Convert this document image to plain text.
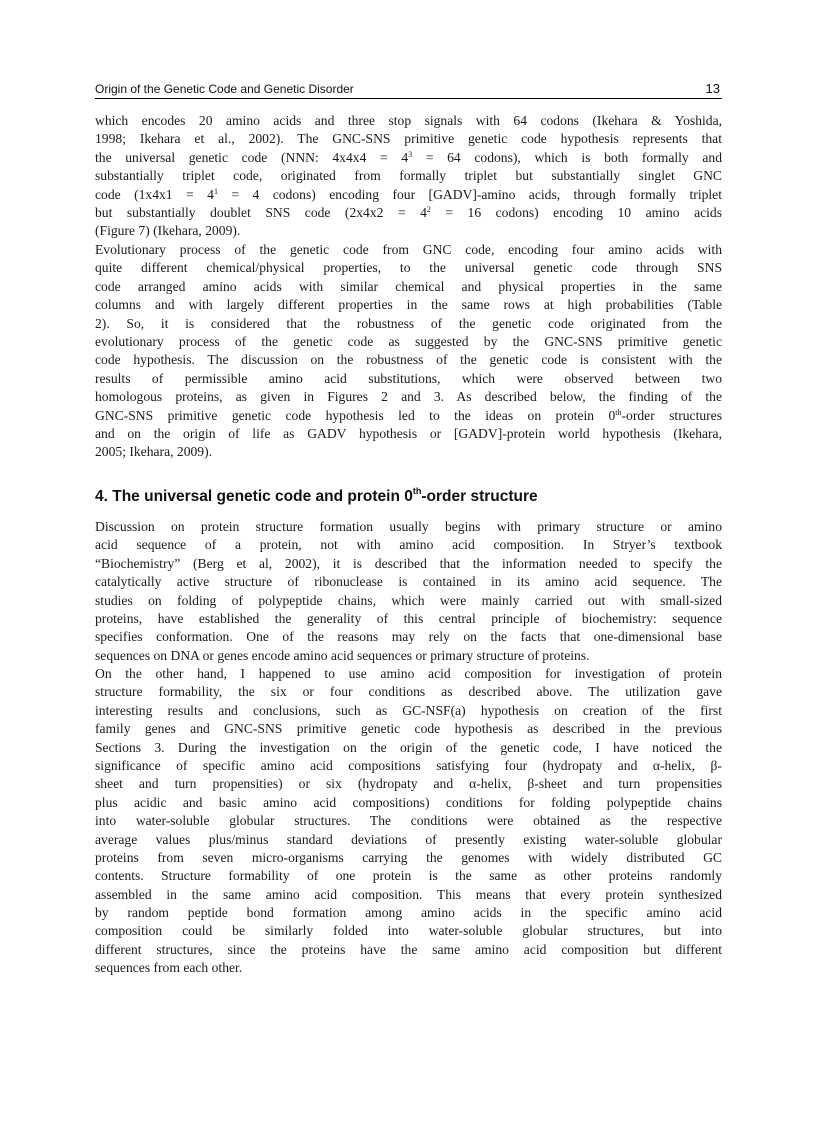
Origin of the Genetic Code and Genetic Disorder	13
which encodes 20 amino acids and three stop signals with 64 codons (Ikehara & Yoshida,
1998; Ikehara et al., 2002). The GNC-SNS primitive genetic code hypothesis represents that
the universal genetic code (NNN: $4x4x4 = 4^3 = 64$ codons), which is both formally and
substantially triplet code, originated from formally triplet but substantially singlet GNC
code ($1x4x1 = 4^1 = 4$ codons) encoding four [GADV]-amino acids, through formally triplet
but substantially doublet SNS code ($2x4x2 = 4^2 = 16$ codons) encoding 10 amino acids
(Figure 7) (Ikehara, 2009).
Evolutionary process of the genetic code from GNC code, encoding four amino acids with
quite different chemical/physical properties, to the universal genetic code through SNS
code arranged amino acids with similar chemical and physical properties in the same
columns and with largely different properties in the same rows at high probabilities (Table
2). So, it is considered that the robustness of the genetic code originated from the
evolutionary process of the genetic code as suggested by the GNC-SNS primitive genetic
code hypothesis. The discussion on the robustness of the genetic code is consistent with the
results of permissible amino acid substitutions, which were observed between two
homologous proteins, as given in Figures 2 and 3. As described below, the finding of the
GNC-SNS primitive genetic code hypothesis led to the ideas on protein 0th-order structures
and on the origin of life as GADV hypothesis or [GADV]-protein world hypothesis (Ikehara,
2005; Ikehara, 2009).
4. The universal genetic code and protein 0th-order structure
Discussion on protein structure formation usually begins with primary structure or amino
acid sequence of a protein, not with amino acid composition. In Stryer’s textbook
“Biochemistry” (Berg et al, 2002), it is described that the information needed to specify the
catalytically active structure of ribonuclease is contained in its amino acid sequence. The
studies on folding of polypeptide chains, which were mainly carried out with small-sized
proteins, have established the generality of this central principle of biochemistry: sequence
specifies conformation. One of the reasons may rely on the facts that one-dimensional base
sequences on DNA or genes encode amino acid sequences or primary structure of proteins.
On the other hand, I happened to use amino acid composition for investigation of protein
structure formability, the six or four conditions as described above. The utilization gave
interesting results and conclusions, such as GC-NSF(a) hypothesis on creation of the first
family genes and GNC-SNS primitive genetic code hypothesis as described in the previous
Sections 3. During the investigation on the origin of the genetic code, I have noticed the
significance of specific amino acid compositions satisfying four (hydropaty and α-helix, β-
sheet and turn propensities) or six (hydropaty and α-helix, β-sheet and turn propensities
plus acidic and basic amino acid compositions) conditions for folding polypeptide chains
into water-soluble globular structures. The conditions were obtained as the respective
average values plus/minus standard deviations of presently existing water-soluble globular
proteins from seven micro-organisms carrying the genomes with widely distributed GC
contents. Structure formability of one protein is the same as other proteins randomly
assembled in the same amino acid composition. This means that every protein synthesized
by random peptide bond formation among amino acids in the specific amino acid
composition could be similarly folded into water-soluble globular structures, but into
different structures, since the proteins have the same amino acid composition but different
sequences from each other.
